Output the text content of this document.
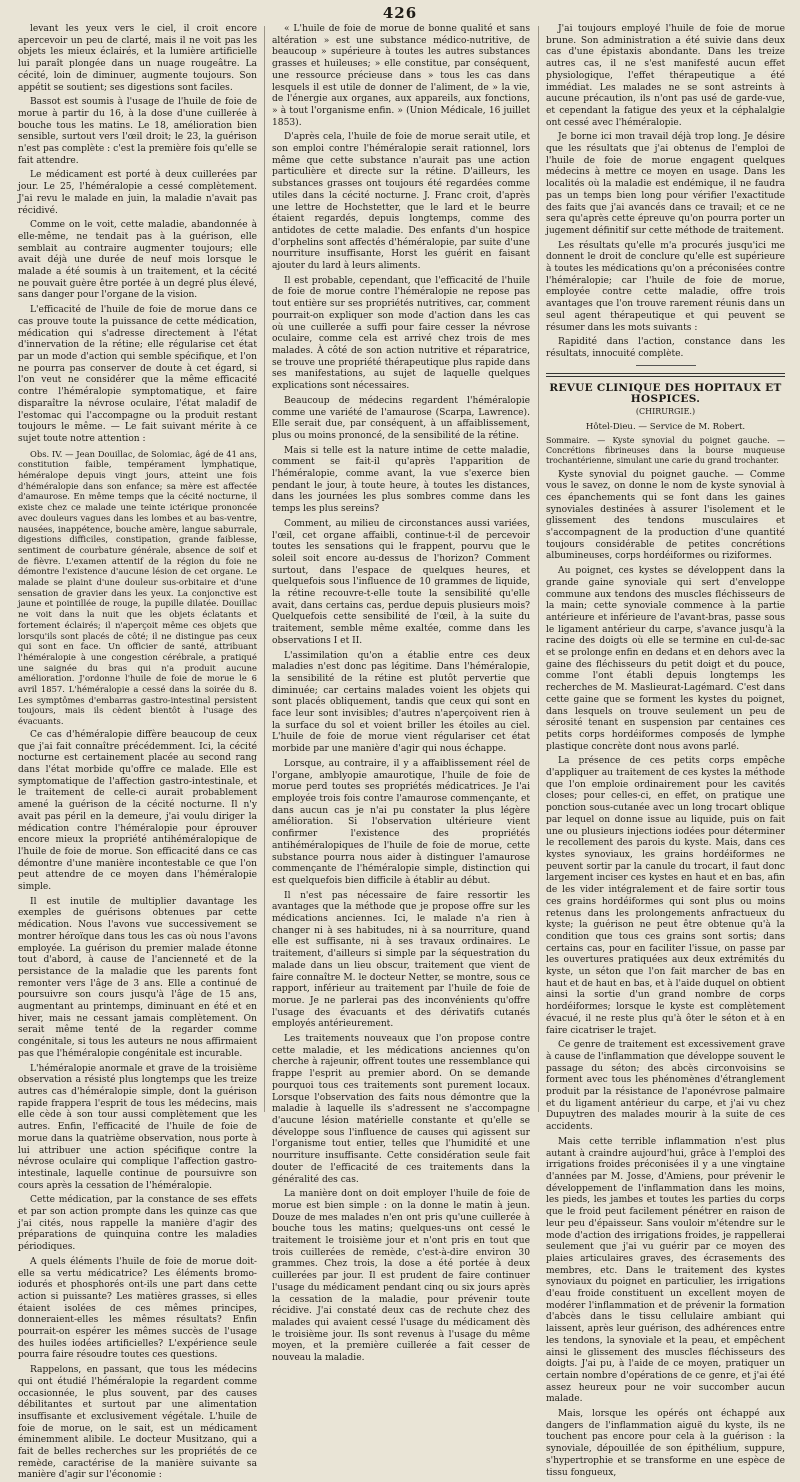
426

levant les yeux vers le ciel, il croit encore apercevoir un peu de clarté, mais il ne voit pas les objets les mieux éclairés, et la lumière artificielle lui paraît plongée dans un nuage rougeâtre. La cécité, loin de diminuer, augmente toujours. Son appétit se soutient; ses digestions sont faciles.

Bassot est soumis à l'usage de l'huile de foie de morue à partir du 16, à la dose d'une cuillerée à bouche tous les matins. Le 18, amélioration bien sensible, surtout vers l'œil droit; le 23, la guérison n'est pas complète : c'est la première fois qu'elle se fait attendre.

Le médicament est porté à deux cuillerées par jour. Le 25, l'héméralopie a cessé complètement. J'ai revu le malade en juin, la maladie n'avait pas récidivé.

Comme on le voit, cette maladie, abandonnée à elle-même, ne tendait pas à la guérison, elle semblait au contraire augmenter toujours; elle avait déjà une durée de neuf mois lorsque le malade a été soumis à un traitement, et la cécité ne pouvait guère être portée à un degré plus élevé, sans danger pour l'organe de la vision.

L'efficacité de l'huile de foie de morue dans ce cas prouve toute la puissance de cette médication, médication qui s'adresse directement à l'état d'innervation de la rétine; elle régularise cet état par un mode d'action qui semble spécifique, et l'on ne pourra pas conserver de doute à cet égard, si l'on veut ne considérer que la même efficacité contre l'héméralopie symptomatique, et faire disparaître la névrose oculaire, l'état maladif de l'estomac qui l'accompagne ou la produit restant toujours le même. — Le fait suivant mérite à ce sujet toute notre attention :

Obs. IV. — Jean Douillac, de Solomiac, âgé de 41 ans, constitution faible, tempérament lymphatique, héméralope depuis vingt jours, atteint une fois d'héméralopie dans son enfance; sa mère est affectée d'amaurose. En même temps que la cécité nocturne, il existe chez ce malade une teinte ictérique prononcée avec douleurs vagues dans les lombes et au bas-ventre, nausées, inappétence, bouche amère, langue saburrale, digestions difficiles, constipation, grande faiblesse, sentiment de courbature générale, absence de soif et de fièvre. L'examen attentif de la région du foie ne démontre l'existence d'aucune lésion de cet organe. Le malade se plaint d'une douleur sus-orbitaire et d'une sensation de gravier dans les yeux. La conjonctive est jaune et pointillée de rouge, la pupille dilatée. Douillac ne voit dans la nuit que les objets éclatants et fortement éclairés; il n'aperçoit même ces objets que lorsqu'ils sont placés de côté; il ne distingue pas ceux qui sont en face. Un officier de santé, attribuant l'héméralopie à une congestion cérébrale, a pratiqué une saignée du bras qui n'a produit aucune amélioration. J'ordonne l'huile de foie de morue le 6 avril 1857. L'héméralopie a cessé dans la soirée du 8. Les symptômes d'embarras gastro-intestinal persistent toujours, mais ils cèdent bientôt à l'usage des évacuants.

Ce cas d'héméralopie diffère beaucoup de ceux que j'ai fait connaître précédemment. Ici, la cécité nocturne est certainement placée au second rang dans l'état morbide qu'offre ce malade. Elle est symptomatique de l'affection gastro-intestinale, et le traitement de celle-ci aurait probablement amené la guérison de la cécité nocturne. Il n'y avait pas péril en la demeure, j'ai voulu diriger la médication contre l'héméralopie pour éprouver encore mieux la propriété antihéméralopique de l'huile de foie de morue. Son efficacité dans ce cas démontre d'une manière incontestable ce que l'on peut attendre de ce moyen dans l'héméralopie simple.

Il est inutile de multiplier davantage les exemples de guérisons obtenues par cette médication. Nous l'avons vue successivement se montrer héroïque dans tous les cas où nous l'avons employée. La guérison du premier malade étonne tout d'abord, à cause de l'ancienneté et de la persistance de la maladie que les parents font remonter vers l'âge de 3 ans. Elle a continué de poursuivre son cours jusqu'à l'âge de 15 ans, augmentant au printemps, diminuant en été et en hiver, mais ne cessant jamais complètement. On serait même tenté de la regarder comme congénitale, si tous les auteurs ne nous affirmaient pas que l'héméralopie congénitale est incurable.

L'héméralopie anormale et grave de la troisième observation a résisté plus longtemps que les treize autres cas d'héméralopie simple, dont la guérison rapide frappera l'esprit de tous les médecins, mais elle cède à son tour aussi complètement que les autres. Enfin, l'efficacité de l'huile de foie de morue dans la quatrième observation, nous porte à lui attribuer une action spécifique contre la névrose oculaire qui complique l'affection gastro-intestinale, laquelle continue de poursuivre son cours après la cessation de l'héméralopie.

Cette médication, par la constance de ses effets et par son action prompte dans les quinze cas que j'ai cités, nous rappelle la manière d'agir des préparations de quinquina contre les maladies périodiques.

A quels éléments l'huile de foie de morue doit-elle sa vertu médicatrice? Les éléments bromo-iodurés et phosphorés ont-ils une part dans cette action si puissante? Les matières grasses, si elles étaient isolées de ces mêmes principes, donneraient-elles les mêmes résultats? Enfin pourrait-on espérer les mêmes succès de l'usage des huiles iodées artificielles? L'expérience seule pourra faire résoudre toutes ces questions.

Rappelons, en passant, que tous les médecins qui ont étudié l'héméralopie la regardent comme occasionnée, le plus souvent, par des causes débilitantes et surtout par une alimentation insuffisante et exclusivement végétale. L'huile de foie de morue, on le sait, est un médicament éminemment alibile. Le docteur Musitzano, qui a fait de belles recherches sur les propriétés de ce remède, caractérise de la manière suivante sa manière d'agir sur l'économie :

« L'huile de foie de morue de bonne qualité et sans altération » est une substance médico-nutritive, de beaucoup » supérieure à toutes les autres substances grasses et huileuses; » elle constitue, par conséquent, une ressource précieuse dans » tous les cas dans lesquels il est utile de donner de l'aliment, de » la vie, de l'énergie aux organes, aux appareils, aux fonctions, » à tout l'organisme enfin. » (Union Médicale, 16 juillet 1853).

D'après cela, l'huile de foie de morue serait utile, et son emploi contre l'héméralopie serait rationnel, lors même que cette substance n'aurait pas une action particulière et directe sur la rétine. D'ailleurs, les substances grasses ont toujours été regardées comme utiles dans la cécité nocturne. J. Franc croit, d'après une lettre de Hochstetter, que le lard et le beurre étaient regardés, depuis longtemps, comme des antidotes de cette maladie. Des enfants d'un hospice d'orphelins sont affectés d'héméralopie, par suite d'une nourriture insuffisante, Horst les guérit en faisant ajouter du lard à leurs aliments.

Il est probable, cependant, que l'efficacité de l'huile de foie de morue contre l'héméralopie ne repose pas tout entière sur ses propriétés nutritives, car, comment pourrait-on expliquer son mode d'action dans les cas où une cuillerée a suffi pour faire cesser la névrose oculaire, comme cela est arrivé chez trois de mes malades. À côté de son action nutritive et réparatrice, se trouve une propriété thérapeutique plus rapide dans ses manifestations, au sujet de laquelle quelques explications sont nécessaires.

Beaucoup de médecins regardent l'héméralopie comme une variété de l'amaurose (Scarpa, Lawrence). Elle serait due, par conséquent, à un affaiblissement, plus ou moins prononcé, de la sensibilité de la rétine.

Mais si telle est la nature intime de cette maladie, comment se fait-il qu'après l'apparition de l'héméralopie, comme avant, la vue s'exerce bien pendant le jour, à toute heure, à toutes les distances, dans les journées les plus sombres comme dans les temps les plus sereins?

Comment, au milieu de circonstances aussi variées, l'œil, cet organe affaibli, continue-t-il de percevoir toutes les sensations qui le frappent, pourvu que le soleil soit encore au-dessus de l'horizon? Comment surtout, dans l'espace de quelques heures, et quelquefois sous l'influence de 10 grammes de liquide, la rétine recouvre-t-elle toute la sensibilité qu'elle avait, dans certains cas, perdue depuis plusieurs mois? Quelquefois cette sensibilité de l'œil, à la suite du traitement, semble même exaltée, comme dans les observations I et II.

L'assimilation qu'on a établie entre ces deux maladies n'est donc pas légitime. Dans l'héméralopie, la sensibilité de la rétine est plutôt pervertie que diminuée; car certains malades voient les objets qui sont placés obliquement, tandis que ceux qui sont en face leur sont invisibles; d'autres n'aperçoivent rien à la surface du sol et voient briller les étoiles au ciel. L'huile de foie de morue vient régulariser cet état morbide par une manière d'agir qui nous échappe.

Lorsque, au contraire, il y a affaiblissement réel de l'organe, amblyopie amaurotique, l'huile de foie de morue perd toutes ses propriétés médicatrices. Je l'ai employée trois fois contre l'amaurose commençante, et dans aucun cas je n'ai pu constater la plus légère amélioration. Si l'observation ultérieure vient confirmer l'existence des propriétés antihéméralopiques de l'huile de foie de morue, cette substance pourra nous aider à distinguer l'amaurose commençante de l'héméralopie simple, distinction qui est quelquefois bien difficile à établir au début.

Il n'est pas nécessaire de faire ressortir les avantages que la méthode que je propose offre sur les médications anciennes. Ici, le malade n'a rien à changer ni à ses habitudes, ni à sa nourriture, quand elle est suffisante, ni à ses travaux ordinaires. Le traitement, d'ailleurs si simple par la séquestration du malade dans un lieu obscur, traitement que vient de faire connaître M. le docteur Netter, se montre, sous ce rapport, inférieur au traitement par l'huile de foie de morue. Je ne parlerai pas des inconvénients qu'offre l'usage des évacuants et des dérivatifs cutanés employés antérieurement.

Les traitements nouveaux que l'on propose contre cette maladie, et les médications anciennes qu'on cherche à rajeunir, offrent toutes une ressemblance qui frappe l'esprit au premier abord. On se demande pourquoi tous ces traitements sont purement locaux. Lorsque l'observation des faits nous démontre que la maladie à laquelle ils s'adressent ne s'accompagne d'aucune lésion matérielle constante et qu'elle se développe sous l'influence de causes qui agissent sur l'organisme tout entier, telles que l'humidité et une nourriture insuffisante. Cette considération seule fait douter de l'efficacité de ces traitements dans la généralité des cas.

La manière dont on doit employer l'huile de foie de morue est bien simple : on la donne le matin à jeun. Douze de mes malades n'en ont pris qu'une cuillerée à bouche tous les matins; quelques-uns ont cessé le traitement le troisième jour et n'ont pris en tout que trois cuillerées de remède, c'est-à-dire environ 30 grammes. Chez trois, la dose a été portée à deux cuillerées par jour. Il est prudent de faire continuer l'usage du médicament pendant cinq ou six jours après la cessation de la maladie, pour prévenir toute récidive. J'ai constaté deux cas de rechute chez des malades qui avaient cessé l'usage du médicament dès le troisième jour. Ils sont revenus à l'usage du même moyen, et la première cuillerée a fait cesser de nouveau la maladie.

J'ai toujours employé l'huile de foie de morue brune. Son administration a été suivie dans deux cas d'une épistaxis abondante. Dans les treize autres cas, il ne s'est manifesté aucun effet physiologique, l'effet thérapeutique a été immédiat. Les malades ne se sont astreints à aucune précaution, ils n'ont pas usé de garde-vue, et cependant la fatigue des yeux et la céphalalgie ont cessé avec l'héméralopie.

Je borne ici mon travail déjà trop long. Je désire que les résultats que j'ai obtenus de l'emploi de l'huile de foie de morue engagent quelques médecins à mettre ce moyen en usage. Dans les localités où la maladie est endémique, il ne faudra pas un temps bien long pour vérifier l'exactitude des faits que j'ai avancés dans ce travail; et ce ne sera qu'après cette épreuve qu'on pourra porter un jugement définitif sur cette méthode de traitement.

Les résultats qu'elle m'a procurés jusqu'ici me donnent le droit de conclure qu'elle est supérieure à toutes les médications qu'on a préconisées contre l'héméralopie; car l'huile de foie de morue, employée contre cette maladie, offre trois avantages que l'on trouve rarement réunis dans un seul agent thérapeutique et qui peuvent se résumer dans les mots suivants :

Rapidité dans l'action, constance dans les résultats, innocuité complète.

REVUE CLINIQUE DES HOPITAUX ET HOSPICES.
(CHIRURGIE.)
Hôtel-Dieu. — Service de M. Robert.

Sommaire. — Kyste synovial du poignet gauche. — Concrétions fibrineuses dans la bourse muqueuse trochantérienne, simulant une carie du grand trochanter.

Kyste synovial du poignet gauche. — Comme vous le savez, on donne le nom de kyste synovial à ces épanchements qui se font dans les gaines synoviales destinées à assurer l'isolement et le glissement des tendons musculaires et s'accompagnent de la production d'une quantité toujours considérable de petites concrétions albumineuses, corps hordéiformes ou riziformes.

Au poignet, ces kystes se développent dans la grande gaine synoviale qui sert d'enveloppe commune aux tendons des muscles fléchisseurs de la main; cette synoviale commence à la partie antérieure et inférieure de l'avant-bras, passe sous le ligament antérieur du carpe, s'avance jusqu'à la racine des doigts où elle se termine en cul-de-sac et se prolonge enfin en dedans et en dehors avec la gaine des fléchisseurs du petit doigt et du pouce, comme l'ont établi depuis longtemps les recherches de M. Maslieurat-Lagémard. C'est dans cette gaine que se forment les kystes du poignet, dans lesquels on trouve seulement un peu de sérosité tenant en suspension par centaines ces petits corps hordéiformes composés de lymphe plastique concrète dont nous avons parlé.

La présence de ces petits corps empêche d'appliquer au traitement de ces kystes la méthode que l'on emploie ordinairement pour les cavités closes; pour celles-ci, en effet, on pratique une ponction sous-cutanée avec un long trocart oblique par lequel on donne issue au liquide, puis on fait une ou plusieurs injections iodées pour déterminer le recollement des parois du kyste. Mais, dans ces kystes synoviaux, les grains hordéiformes ne peuvent sortir par la canule du trocart, il faut donc largement inciser ces kystes en haut et en bas, afin de les vider intégralement et de faire sortir tous ces grains hordéiformes qui sont plus ou moins retenus dans les prolongements anfractueux du kyste; la guérison ne peut être obtenue qu'à la condition que tous ces grains sont sortis; dans certains cas, pour en faciliter l'issue, on passe par les ouvertures pratiquées aux deux extrémités du kyste, un séton que l'on fait marcher de bas en haut et de haut en bas, et à l'aide duquel on obtient ainsi la sortie d'un grand nombre de corps hordéiformes; lorsque le kyste est complètement évacué, il ne reste plus qu'à ôter le séton et à en faire cicatriser le trajet.

Ce genre de traitement est excessivement grave à cause de l'inflammation que développe souvent le passage du séton; des abcès circonvoisins se forment avec tous les phénomènes d'étranglement produit par la résistance de l'aponévrose palmaire et du ligament antérieur du carpe, et j'ai vu chez Dupuytren des malades mourir à la suite de ces accidents.

Mais cette terrible inflammation n'est plus autant à craindre aujourd'hui, grâce à l'emploi des irrigations froides préconisées il y a une vingtaine d'années par M. Josse, d'Amiens, pour prévenir le développement de l'inflammation dans les moins, les pieds, les jambes et toutes les parties du corps que le froid peut facilement pénétrer en raison de leur peu d'épaisseur. Sans vouloir m'étendre sur le mode d'action des irrigations froides, je rappellerai seulement que j'ai vu guérir par ce moyen des plaies articulaires graves, des écrasements des membres, etc. Dans le traitement des kystes synoviaux du poignet en particulier, les irrigations d'eau froide constituent un excellent moyen de modérer l'inflammation et de prévenir la formation d'abcès dans le tissu cellulaire ambiant qui laissent, après leur guérison, des adhérences entre les tendons, la synoviale et la peau, et empêchent ainsi le glissement des muscles fléchisseurs des doigts. J'ai pu, à l'aide de ce moyen, pratiquer un certain nombre d'opérations de ce genre, et j'ai été assez heureux pour ne voir succomber aucun malade.

Mais, lorsque les opérés ont échappé aux dangers de l'inflammation aiguë du kyste, ils ne touchent pas encore pour cela à la guérison : la synoviale, dépouillée de son épithélium, suppure, s'hypertrophie et se transforme en une espèce de tissu fongueux,
